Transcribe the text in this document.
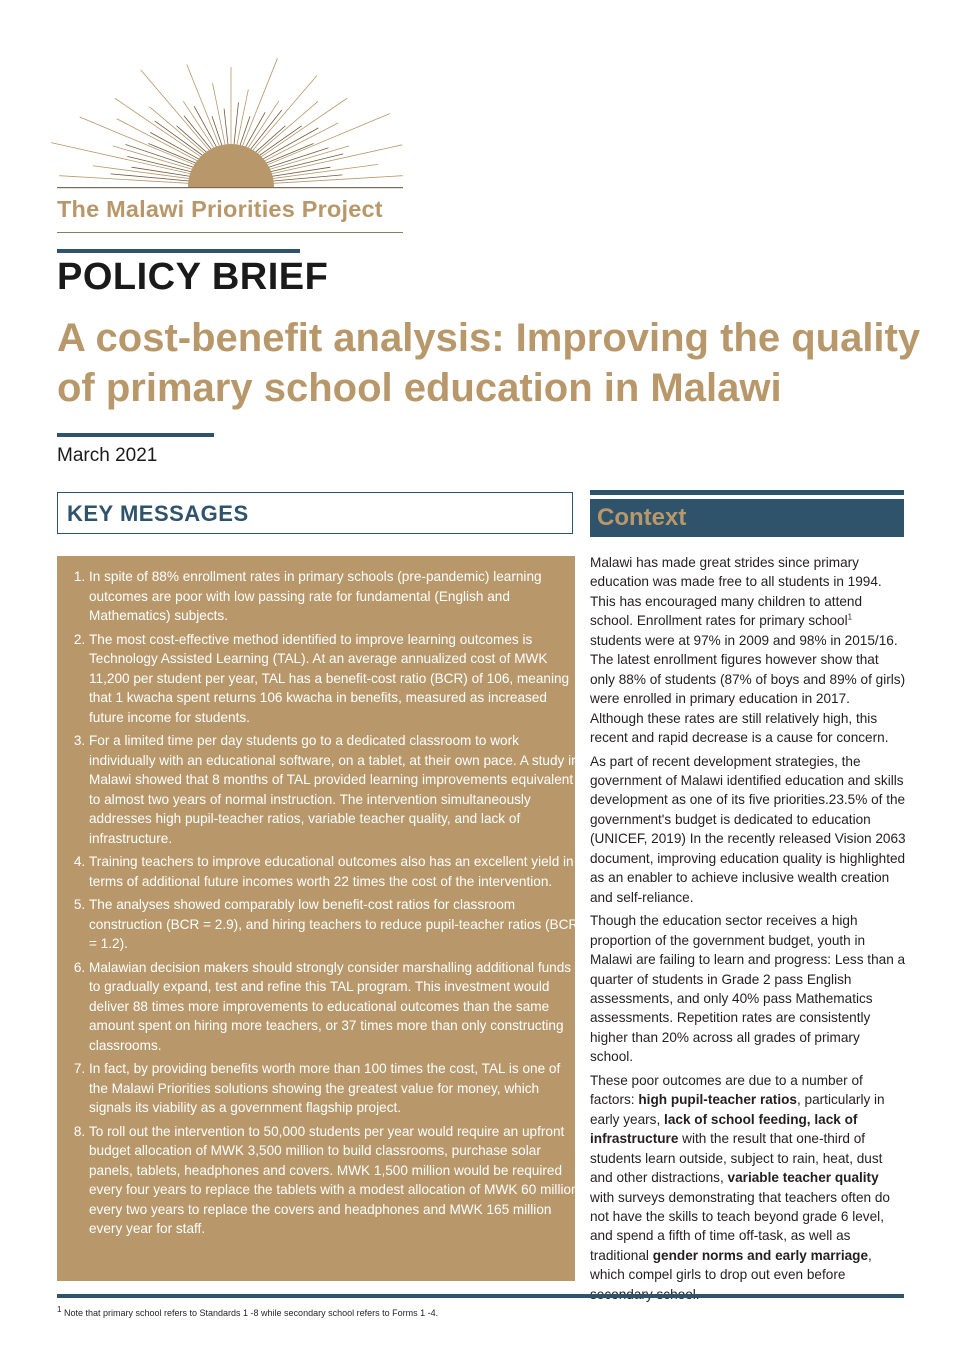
The Malawi Priorities Project
POLICY BRIEF
A cost-benefit analysis: Improving the quality of primary school education in Malawi
March 2021
KEY MESSAGES	Context
1. In spite of 88% enrollment rates in primary schools (pre-pandemic) learning outcomes are poor with low passing rate for fundamental (English and Mathematics) subjects.
2. The most cost-effective method identified to improve learning outcomes is Technology Assisted Learning (TAL). At an average annualized cost of MWK 11,200 per student per year, TAL has a benefit-cost ratio (BCR) of 106, meaning that 1 kwacha spent returns 106 kwacha in benefits, measured as increased future income for students.
3. For a limited time per day students go to a dedicated classroom to work individually with an educational software, on a tablet, at their own pace. A study in Malawi showed that 8 months of TAL provided learning improvements equivalent to almost two years of normal instruction. The intervention simultaneously addresses high pupil-teacher ratios, variable teacher quality, and lack of infrastructure.
4. Training teachers to improve educational outcomes also has an excellent yield in terms of additional future incomes worth 22 times the cost of the intervention.
5. The analyses showed comparably low benefit-cost ratios for classroom construction (BCR = 2.9), and hiring teachers to reduce pupil-teacher ratios (BCR = 1.2).
6. Malawian decision makers should strongly consider marshalling additional funds to gradually expand, test and refine this TAL program. This investment would deliver 88 times more improvements to educational outcomes than the same amount spent on hiring more teachers, or 37 times more than only constructing classrooms.
7. In fact, by providing benefits worth more than 100 times the cost, TAL is one of the Malawi Priorities solutions showing the greatest value for money, which signals its viability as a government flagship project.
8. To roll out the intervention to 50,000 students per year would require an upfront budget allocation of MWK 3,500 million to build classrooms, purchase solar panels, tablets, headphones and covers. MWK 1,500 million would be required every four years to replace the tablets with a modest allocation of MWK 60 million every two years to replace the covers and headphones and MWK 165 million every year for staff.

Malawi has made great strides since primary education was made free to all students in 1994. This has encouraged many children to attend school. Enrollment rates for primary school$^1$ students were at 97% in 2009 and 98% in 2015/16. The latest enrollment figures however show that only 88% of students (87% of boys and 89% of girls) were enrolled in primary education in 2017. Although these rates are still relatively high, this recent and rapid decrease is a cause for concern.

As part of recent development strategies, the government of Malawi identified education and skills development as one of its five priorities.23.5% of the government's budget is dedicated to education (UNICEF, 2019) In the recently released Vision 2063 document, improving education quality is highlighted as an enabler to achieve inclusive wealth creation and self-reliance.

Though the education sector receives a high proportion of the government budget, youth in Malawi are failing to learn and progress: Less than a quarter of students in Grade 2 pass English assessments, and only 40% pass Mathematics assessments. Repetition rates are consistently higher than 20% across all grades of primary school.

These poor outcomes are due to a number of factors: high pupil-teacher ratios, particularly in early years, lack of school feeding, lack of infrastructure with the result that one-third of students learn outside, subject to rain, heat, dust and other distractions, variable teacher quality with surveys demonstrating that teachers often do not have the skills to teach beyond grade 6 level, and spend a fifth of time off-task, as well as traditional gender norms and early marriage, which compel girls to drop out even before

$^1$ Note that primary school refers to Standards 1 -8 while secondary school refers to Forms 1 -4.
